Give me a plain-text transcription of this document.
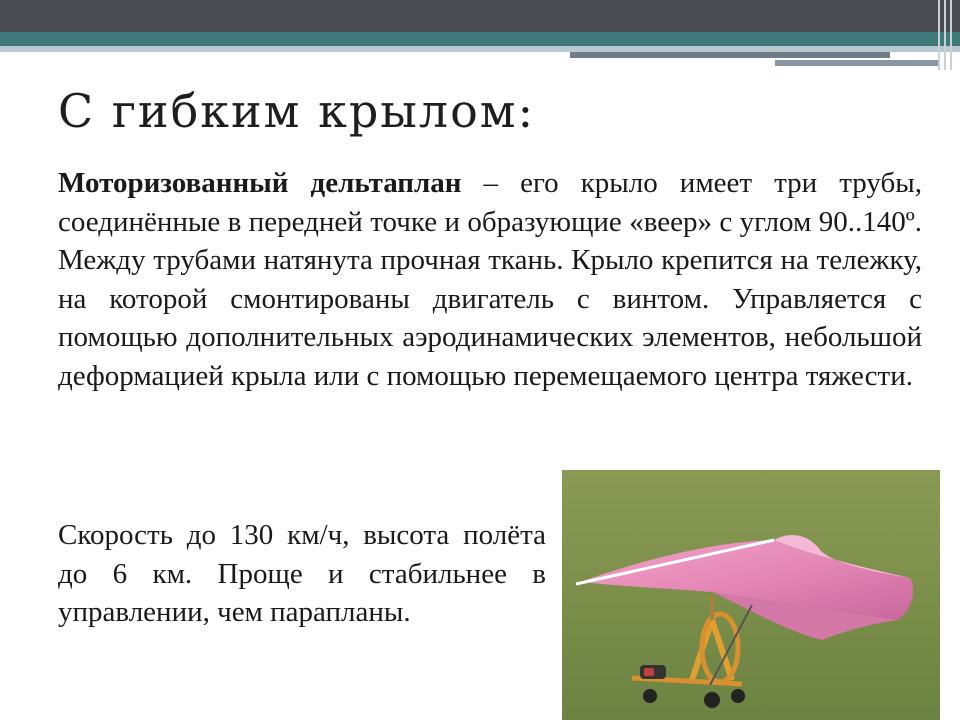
С гибким крылом:

Моторизованный дельтаплан – его крыло имеет три трубы, соединённые в передней точке и образующие «веер» с углом 90..140º. Между трубами натянута прочная ткань. Крыло крепится на тележку, на которой смонтированы двигатель с винтом. Управляется с помощью дополнительных аэродинамических элементов, небольшой деформацией крыла или с помощью перемещаемого центра тяжести.

Скорость до 130 км/ч, высота полёта до 6 км. Проще и стабильнее в управлении, чем парапланы.
